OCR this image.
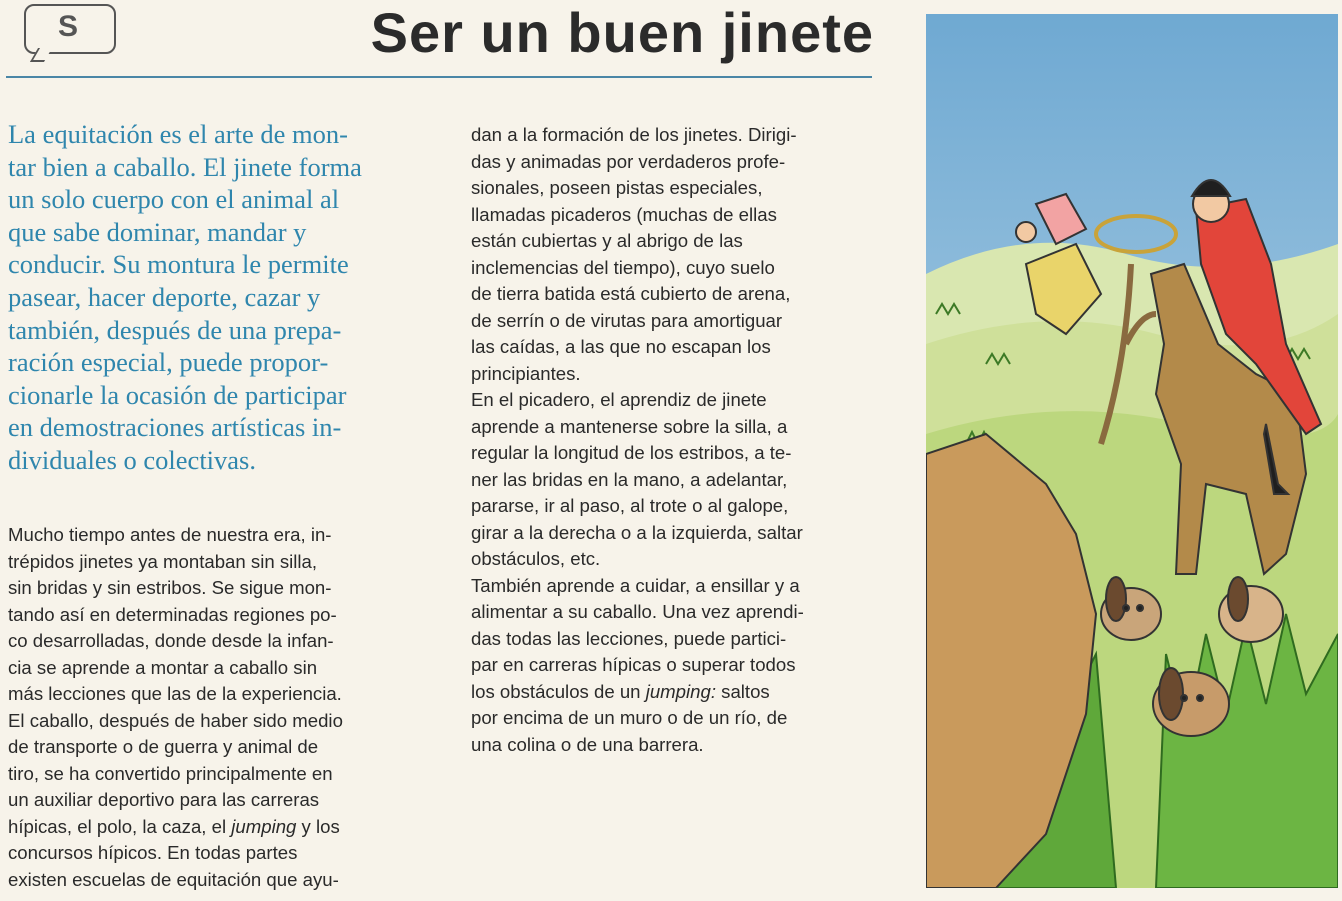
S	Ser un buen jinete

La equitación es el arte de mon-
tar bien a caballo. El jinete forma
un solo cuerpo con el animal al
que sabe dominar, mandar y
conducir. Su montura le permite
pasear, hacer deporte, cazar y
también, después de una prepa-
ración especial, puede propor-
cionarle la ocasión de participar
en demostraciones artísticas in-
dividuales o colectivas.

Mucho tiempo antes de nuestra era, in-
trépidos jinetes ya montaban sin silla,
sin bridas y sin estribos. Se sigue mon-
tando así en determinadas regiones po-
co desarrolladas, donde desde la infan-
cia se aprende a montar a caballo sin
más lecciones que las de la experiencia.
El caballo, después de haber sido medio
de transporte o de guerra y animal de
tiro, se ha convertido principalmente en
un auxiliar deportivo para las carreras
hípicas, el polo, la caza, el jumping y los
concursos hípicos. En todas partes
existen escuelas de equitación que ayu-

dan a la formación de los jinetes. Dirigi-
das y animadas por verdaderos profe-
sionales, poseen pistas especiales,
llamadas picaderos (muchas de ellas
están cubiertas y al abrigo de las
inclemencias del tiempo), cuyo suelo
de tierra batida está cubierto de arena,
de serrín o de virutas para amortiguar
las caídas, a las que no escapan los
principiantes.

En el picadero, el aprendiz de jinete
aprende a mantenerse sobre la silla, a
regular la longitud de los estribos, a te-
ner las bridas en la mano, a adelantar,
pararse, ir al paso, al trote o al galope,
girar a la derecha o a la izquierda, saltar
obstáculos, etc.

También aprende a cuidar, a ensillar y a
alimentar a su caballo. Una vez aprendi-
das todas las lecciones, puede partici-
par en carreras hípicas o superar todos
los obstáculos de un jumping: saltos
por encima de un muro o de un río, de
una colina o de una barrera.
